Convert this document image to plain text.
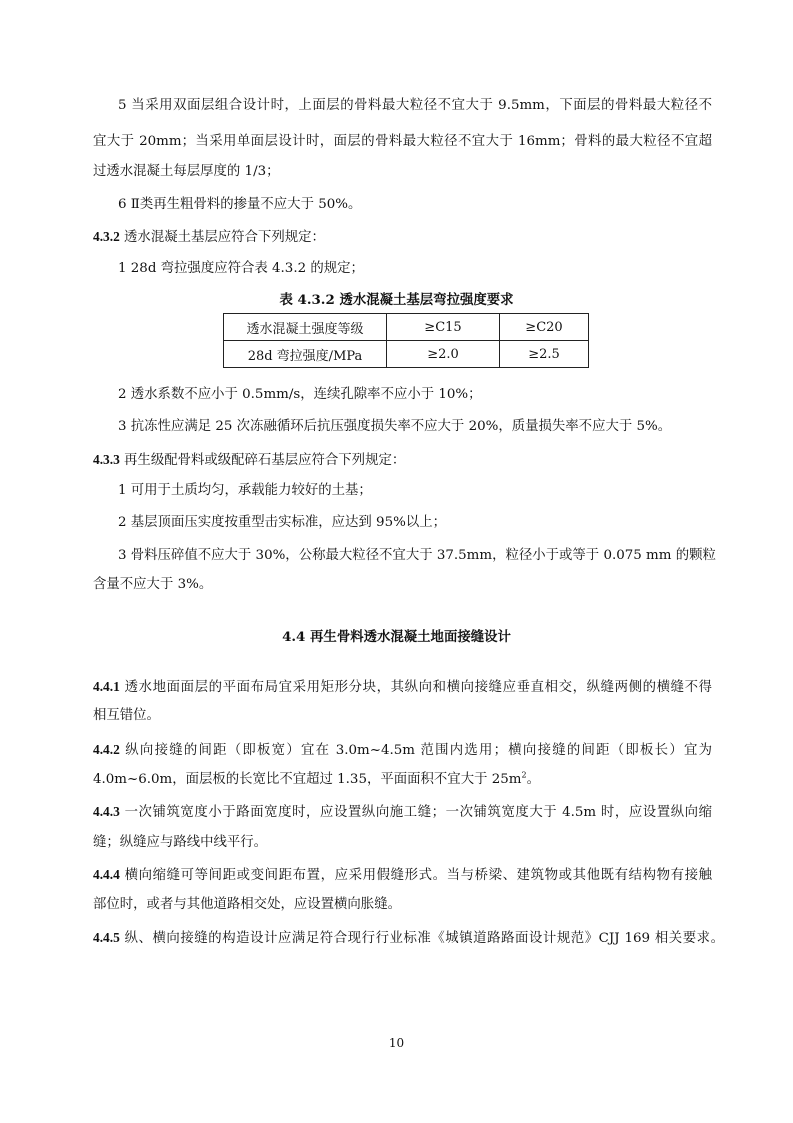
5 当采用双面层组合设计时，上面层的骨料最大粒径不宜大于 9.5mm，下面层的骨料最大粒径不
宜大于 20mm；当采用单面层设计时，面层的骨料最大粒径不宜大于 16mm；骨料的最大粒径不宜超
过透水混凝土每层厚度的 1/3；
6 Ⅱ类再生粗骨料的掺量不应大于 50%。
4.3.2 透水混凝土基层应符合下列规定：
1 28d 弯拉强度应符合表 4.3.2 的规定；
表 4.3.2 透水混凝土基层弯拉强度要求
透水混凝土强度等级	≥C15	≥C20
28d 弯拉强度/MPa	≥2.0	≥2.5
2 透水系数不应小于 0.5mm/s，连续孔隙率不应小于 10%；
3 抗冻性应满足 25 次冻融循环后抗压强度损失率不应大于 20%，质量损失率不应大于 5%。
4.3.3 再生级配骨料或级配碎石基层应符合下列规定：
1 可用于土质均匀，承载能力较好的土基；
2 基层顶面压实度按重型击实标准，应达到 95%以上；
3 骨料压碎值不应大于 30%，公称最大粒径不宜大于 37.5mm，粒径小于或等于 0.075 mm 的颗粒
含量不应大于 3%。
4.4 再生骨料透水混凝土地面接缝设计
4.4.1 透水地面面层的平面布局宜采用矩形分块，其纵向和横向接缝应垂直相交，纵缝两侧的横缝不得
相互错位。
4.4.2 纵向接缝的间距（即板宽）宜在 3.0m~4.5m 范围内选用；横向接缝的间距（即板长）宜为
4.0m~6.0m，面层板的长宽比不宜超过 1.35，平面面积不宜大于 $25m^2$。
4.4.3 一次铺筑宽度小于路面宽度时，应设置纵向施工缝；一次铺筑宽度大于 4.5m 时，应设置纵向缩
缝；纵缝应与路线中线平行。
4.4.4 横向缩缝可等间距或变间距布置，应采用假缝形式。当与桥梁、建筑物或其他既有结构物有接触
部位时，或者与其他道路相交处，应设置横向胀缝。
4.4.5 纵、横向接缝的构造设计应满足符合现行行业标准《城镇道路路面设计规范》CJJ 169 相关要求。
10
